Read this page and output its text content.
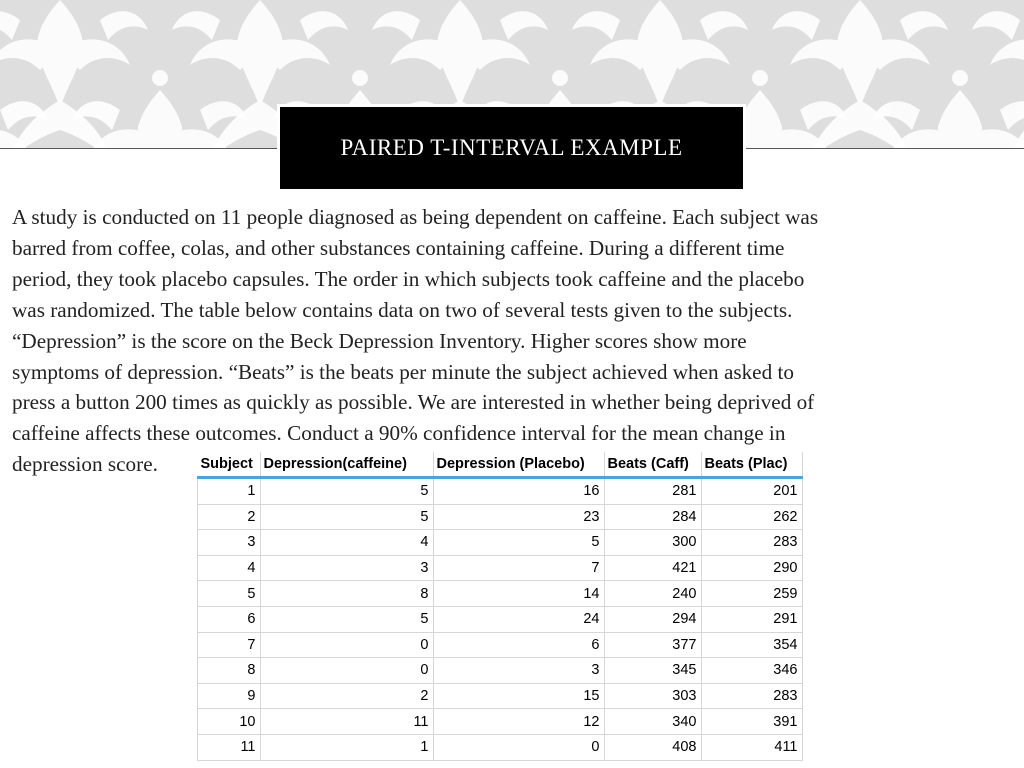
PAIRED T-INTERVAL EXAMPLE
A study is conducted on 11 people diagnosed as being dependent on caffeine. Each subject was
barred from coffee, colas, and other substances containing caffeine. During a different time
period, they took placebo capsules. The order in which subjects took caffeine and the placebo
was randomized. The table below contains data on two of several tests given to the subjects.
“Depression” is the score on the Beck Depression Inventory. Higher scores show more
symptoms of depression. “Beats” is the beats per minute the subject achieved when asked to
press a button 200 times as quickly as possible. We are interested in whether being deprived of
caffeine affects these outcomes. Conduct a 90% confidence interval for the mean change in
depression score.	Subject	Depression(caffeine)	Depression (Placebo)	Beats (Caff)	Beats (Plac)
1	5	16	281	201
2	5	23	284	262
3	4	5	300	283
4	3	7	421	290
5	8	14	240	259
6	5	24	294	291
7	0	6	377	354
8	0	3	345	346
9	2	15	303	283
10	11	12	340	391
11	1	0	408	411
